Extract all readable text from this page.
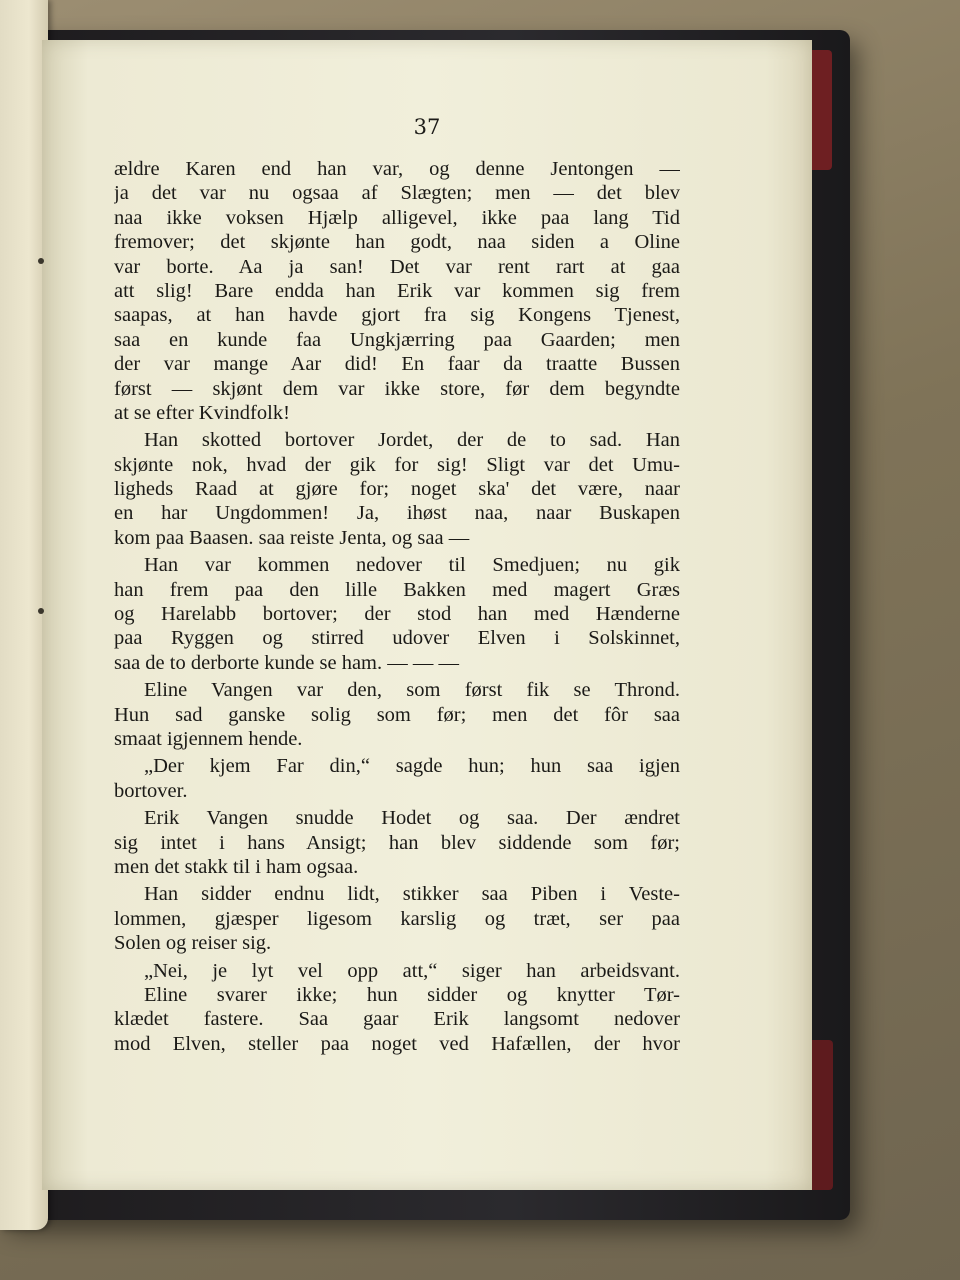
37
ældre Karen end han var, og denne Jentongen —
ja det var nu ogsaa af Slægten; men — det blev
naa ikke voksen Hjælp alligevel, ikke paa lang Tid
fremover; det skjønte han godt, naa siden a Oline
var borte. Aa ja san! Det var rent rart at gaa
att slig! Bare endda han Erik var kommen sig frem
saapas, at han havde gjort fra sig Kongens Tjenest,
saa en kunde faa Ungkjærring paa Gaarden; men
der var mange Aar did! En faar da traatte Bussen
først — skjønt dem var ikke store, før dem begyndte
at se efter Kvindfolk!
Han skotted bortover Jordet, der de to sad. Han
skjønte nok, hvad der gik for sig! Sligt var det Umu-
ligheds Raad at gjøre for; noget ska' det være, naar
en har Ungdommen! Ja, ihøst naa, naar Buskapen
kom paa Baasen. saa reiste Jenta, og saa —
Han var kommen nedover til Smedjuen; nu gik
han frem paa den lille Bakken med magert Græs
og Harelabb bortover; der stod han med Hænderne
paa Ryggen og stirred udover Elven i Solskinnet,
saa de to derborte kunde se ham. — — —
Eline Vangen var den, som først fik se Thrond.
Hun sad ganske solig som før; men det fôr saa
smaat igjennem hende.
„Der kjem Far din,“ sagde hun; hun saa igjen
bortover.
Erik Vangen snudde Hodet og saa. Der ændret
sig intet i hans Ansigt; han blev siddende som før;
men det stakk til i ham ogsaa.
Han sidder endnu lidt, stikker saa Piben i Veste-
lommen, gjæsper ligesom karslig og træt, ser paa
Solen og reiser sig.
„Nei, je lyt vel opp att,“ siger han arbeidsvant.
Eline svarer ikke; hun sidder og knytter Tør-
klædet fastere. Saa gaar Erik langsomt nedover
mod Elven, steller paa noget ved Hafællen, der hvor
